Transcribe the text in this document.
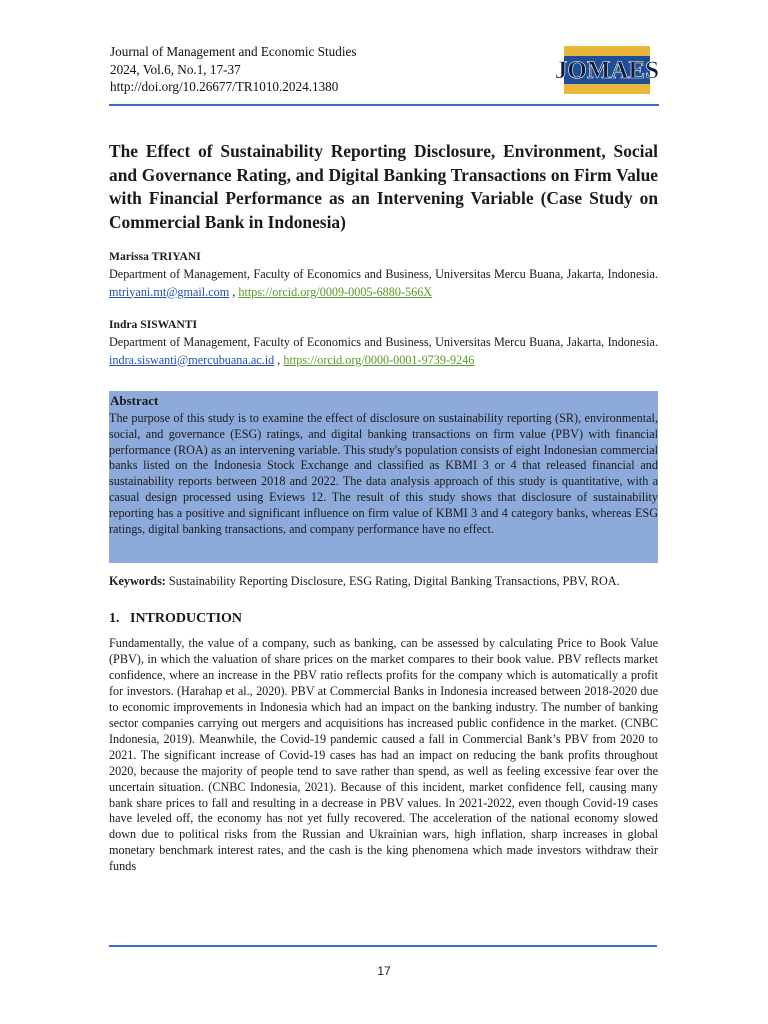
Journal of Management and Economic Studies
2024, Vol.6, No.1, 17-37
http://doi.org/10.26677/TR1010.2024.1380
JOMAES
The Effect of Sustainability Reporting Disclosure, Environment, Social and Governance Rating, and Digital Banking Transactions on Firm Value with Financial Performance as an Intervening Variable (Case Study on Commercial Bank in Indonesia)
Marissa TRIYANI
Department of Management, Faculty of Economics and Business, Universitas Mercu Buana, Jakarta, Indonesia. mtriyani.mt@gmail.com , https://orcid.org/0009-0005-6880-566X
Indra SISWANTI
Department of Management, Faculty of Economics and Business, Universitas Mercu Buana, Jakarta, Indonesia. indra.siswanti@mercubuana.ac.id , https://orcid.org/0000-0001-9739-9246
Abstract
The purpose of this study is to examine the effect of disclosure on sustainability reporting (SR), environmental, social, and governance (ESG) ratings, and digital banking transactions on firm value (PBV) with financial performance (ROA) as an intervening variable. This study's population consists of eight Indonesian commercial banks listed on the Indonesia Stock Exchange and classified as KBMI 3 or 4 that released financial and sustainability reports between 2018 and 2022. The data analysis approach of this study is quantitative, with a casual design processed using Eviews 12. The result of this study shows that disclosure of sustainability reporting has a positive and significant influence on firm value of KBMI 3 and 4 category banks, whereas ESG ratings, digital banking transactions, and company performance have no effect.
Keywords: Sustainability Reporting Disclosure, ESG Rating, Digital Banking Transactions, PBV, ROA.
1.   INTRODUCTION
Fundamentally, the value of a company, such as banking, can be assessed by calculating Price to Book Value (PBV), in which the valuation of share prices on the market compares to their book value. PBV reflects market confidence, where an increase in the PBV ratio reflects profits for the company which is automatically a profit for investors. (Harahap et al., 2020). PBV at Commercial Banks in Indonesia increased between 2018-2020 due to economic improvements in Indonesia which had an impact on the banking industry. The number of banking sector companies carrying out mergers and acquisitions has increased public confidence in the market. (CNBC Indonesia, 2019). Meanwhile, the Covid-19 pandemic caused a fall in Commercial Bank’s PBV from 2020 to 2021. The significant increase of Covid-19 cases has had an impact on reducing the bank profits throughout 2020, because the majority of people tend to save rather than spend, as well as feeling excessive fear over the uncertain situation. (CNBC Indonesia, 2021). Because of this incident, market confidence fell, causing many bank share prices to fall and resulting in a decrease in PBV values. In 2021-2022, even though Covid-19 cases have leveled off, the economy has not yet fully recovered. The acceleration of the national economy slowed down due to political risks from the Russian and Ukrainian wars, high inflation, sharp increases in global monetary benchmark interest rates, and the cash is the king phenomena which made investors withdraw their funds
17
